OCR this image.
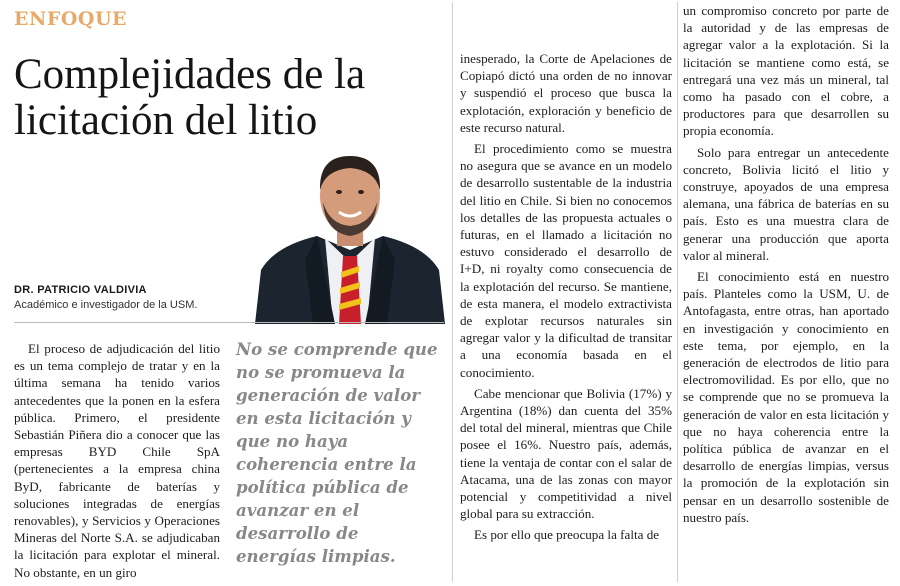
ENFOQUE
Complejidades de la licitación del litio
DR. PATRICIO VALDIVIA
Académico e investigador de la USM.

El proceso de adjudicación del litio es un tema complejo de tratar y en la última semana ha tenido varios antecedentes que la ponen en la esfera pública. Primero, el presidente Sebastián Piñera dio a conocer que las empresas BYD Chile SpA (pertenecientes a la empresa china ByD, fabricante de baterías y soluciones integradas de energías renovables), y Servicios y Operaciones Mineras del Norte S.A. se adjudicaban la licitación para explotar el mineral. No obstante, en un giro

No se comprende que no se promueva la generación de valor en esta licitación y que no haya coherencia entre la política pública de avanzar en el desarrollo de energías limpias.

inesperado, la Corte de Apelaciones de Copiapó dictó una orden de no innovar y suspendió el proceso que busca la explotación, exploración y beneficio de este recurso natural.

El procedimiento como se muestra no asegura que se avance en un modelo de desarrollo sustentable de la industria del litio en Chile. Si bien no conocemos los detalles de las propuesta actuales o futuras, en el llamado a licitación no estuvo considerado el desarrollo de I+D, ni royalty como consecuencia de la explotación del recurso. Se mantiene, de esta manera, el modelo extractivista de explotar recursos naturales sin agregar valor y la dificultad de transitar a una economía basada en el conocimiento.

Cabe mencionar que Bolivia (17%) y Argentina (18%) dan cuenta del 35% del total del mineral, mientras que Chile posee el 16%. Nuestro país, además, tiene la ventaja de contar con el salar de Atacama, una de las zonas con mayor potencial y competitividad a nivel global para su extracción.

Es por ello que preocupa la falta de

un compromiso concreto por parte de la autoridad y de las empresas de agregar valor a la explotación. Si la licitación se mantiene como está, se entregará una vez más un mineral, tal como ha pasado con el cobre, a productores para que desarrollen su propia economía.

Solo para entregar un antecedente concreto, Bolivia licitó el litio y construye, apoyados de una empresa alemana, una fábrica de baterías en su país. Esto es una muestra clara de generar una producción que aporta valor al mineral.

El conocimiento está en nuestro país. Planteles como la USM, U. de Antofagasta, entre otras, han aportado en investigación y conocimiento en este tema, por ejemplo, en la generación de electrodos de litio para electromovilidad. Es por ello, que no se comprende que no se promueva la generación de valor en esta licitación y que no haya coherencia entre la política pública de avanzar en el desarrollo de energías limpias, versus la promoción de la explotación sin pensar en un desarrollo sostenible de nuestro país.
